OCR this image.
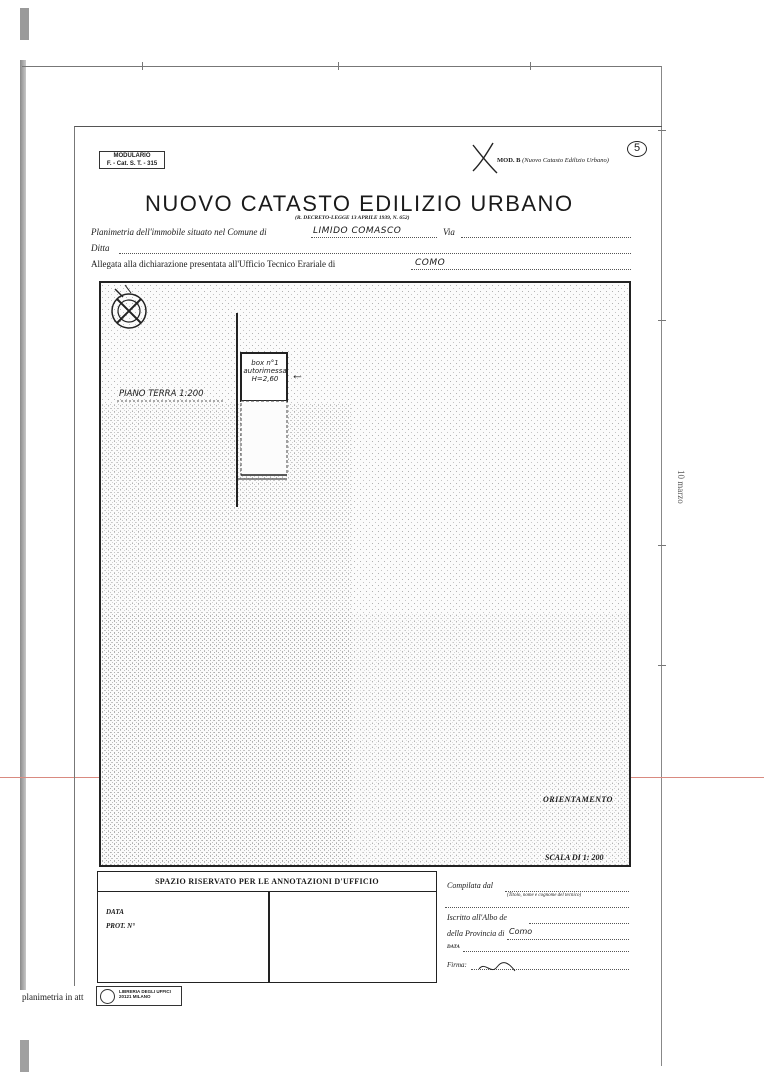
10 marzo
MODULARIO
F. - Cat. S. T. - 315	MOD. B (Nuovo Catasto Edilizio Urbano)
5
NUOVO CATASTO EDILIZIO URBANO
(R. DECRETO-LEGGE 13 APRILE 1939, N. 652)
Planimetria dell'immobile situato nel Comune di	LIMIDO COMASCO	Via
Ditta
Allegata alla dichiarazione presentata all'Ufficio Tecnico Erariale di	COMO
PIANO TERRA 1:200
box n°1
autorimessa
H=2,60 ←
ORIENTAMENTO
SCALA DI 1: 200
SPAZIO RISERVATO PER LE ANNOTAZIONI D'UFFICIO
DATA
PROT. N°
Compilata dal
(Titolo, nome e cognome del tecnico)
Iscritto all'Albo de
della Provincia di Como
DATA
Firma:
planimetria in att
LIBRERIA DEGLI UFFICI
20121 MILANO
